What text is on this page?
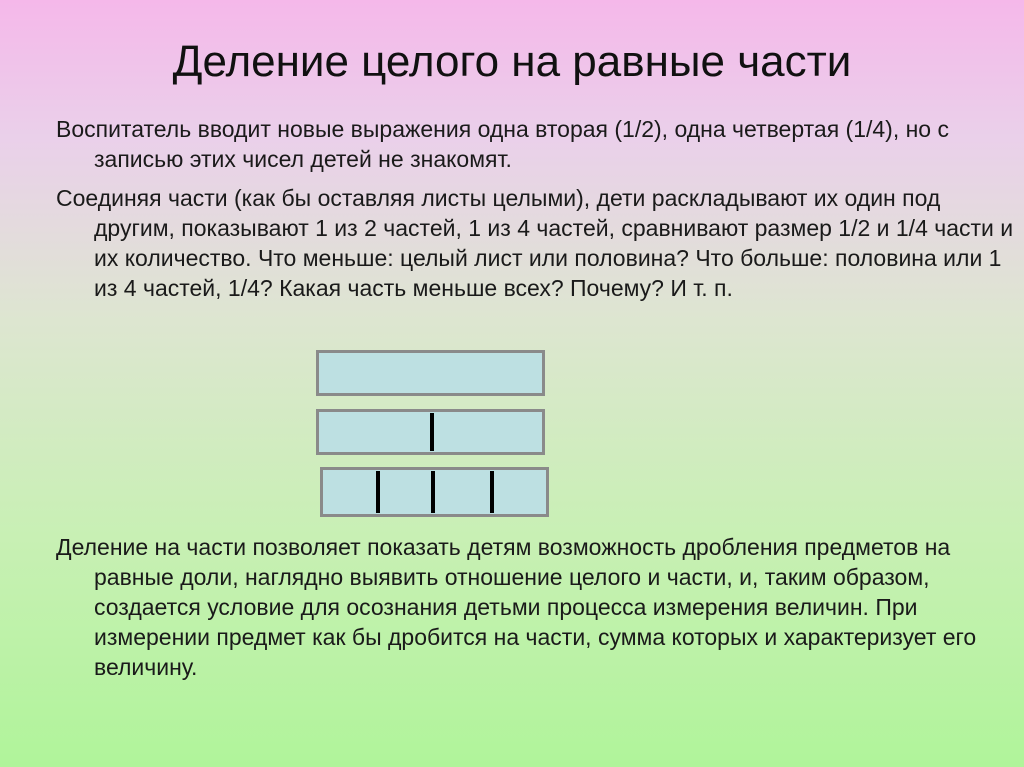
Деление целого на равные части

Воспитатель вводит новые выражения одна вторая (1/2), одна четвертая (1/4), но с записью этих чисел детей не знакомят.

Соединяя части (как бы оставляя листы целыми), дети раскладывают их один под другим, показывают 1 из 2 частей, 1 из 4 частей, сравнивают размер 1/2 и 1/4 части и их количество. Что меньше: целый лист или половина? Что больше: половина или 1 из 4 частей, 1/4? Какая часть меньше всех? Почему? И т. п.

Деление на части позволяет показать детям возможность дробления предметов на равные доли, наглядно выявить отношение целого и части, и, таким образом, создается условие для осознания детьми процесса измерения величин. При измерении предмет как бы дробится на части, сумма которых и характеризует его величину.
